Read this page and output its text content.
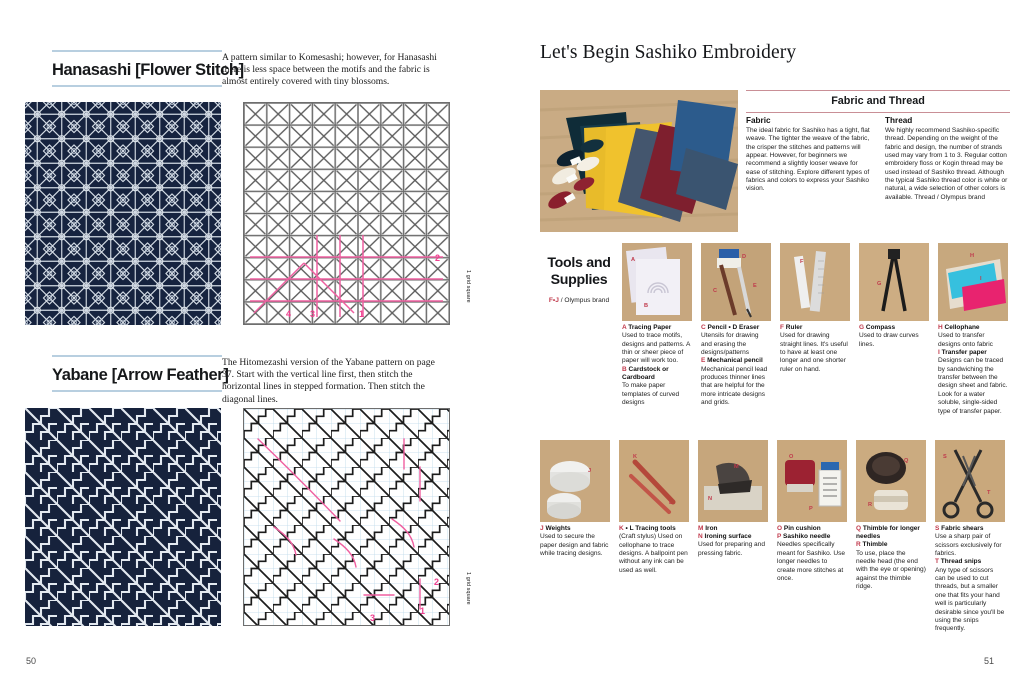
Hanasashi [Flower Stitch]
A pattern similar to Komesashi; however, for Hanasashi there is less space between the motifs and the fabric is almost entirely covered with tiny blossoms.
2
1
3
4
1 grid square
Yabane [Arrow Feather]
The Hitomezashi version of the Yabane pattern on page 37. Start with the vertical line first, then stitch the horizontal lines in stepped formation. Then stitch the diagonal lines.
2
1
3
1 grid square
50
Let's Begin Sashiko Embroidery
Fabric and Thread
Fabric
The ideal fabric for Sashiko has a tight, flat weave. The tighter the weave of the fabric, the crisper the stitches and patterns will appear. However, for beginners we recommend a slightly looser weave for ease of stitching. Explore different types of fabrics and colors to express your Sashiko vision.
Thread
We highly recommend Sashiko-specific thread. Depending on the weight of the fabric and design, the number of strands used may vary from 1 to 3. Regular cotton embroidery floss or Kogin thread may be used instead of Sashiko thread. Although the typical Sashiko thread color is white or natural, a wide selection of other colors is available. Thread / Olympus brand
Tools and
Supplies
F•J / Olympus brand
A
B
A Tracing Paper
Used to trace motifs, designs and patterns. A thin or sheer piece of paper will work too.
B Cardstock or Cardboard
To make paper templates of curved designs
C
D
E
C Pencil • D Eraser
Utensils for drawing and erasing the designs/patterns
E Mechanical pencil
Mechanical pencil lead produces thinner lines that are helpful for the more intricate designs and grids.
F
F Ruler
Used for drawing straight lines. It's useful to have at least one longer and one shorter ruler on hand.
G
G Compass
Used to draw curves lines.
H
I
H Cellophane
Used to transfer designs onto fabric
I Transfer paper
Designs can be traced by sandwiching the transfer between the design sheet and fabric. Look for a water soluble, single-sided type of transfer paper.
J
J Weights
Used to secure the paper design and fabric while tracing designs.
K
L
K • L Tracing tools
(Craft stylus) Used on cellophane to trace designs. A ballpoint pen without any ink can be used as well.
M
N
M Iron
N Ironing surface
Used for preparing and pressing fabric.
O
P
O Pin cushion
P Sashiko needle
Needles specifically meant for Sashiko. Use longer needles to create more stitches at once.
Q
R
Q Thimble for longer needles
R Thimble
To use, place the needle head (the end with the eye or opening) against the thimble ridge.
S
T
S Fabric shears
Use a sharp pair of scissors exclusively for fabrics.
T Thread snips
Any type of scissors can be used to cut threads, but a smaller one that fits your hand well is particularly desirable since you'll be using the snips frequently.
51
